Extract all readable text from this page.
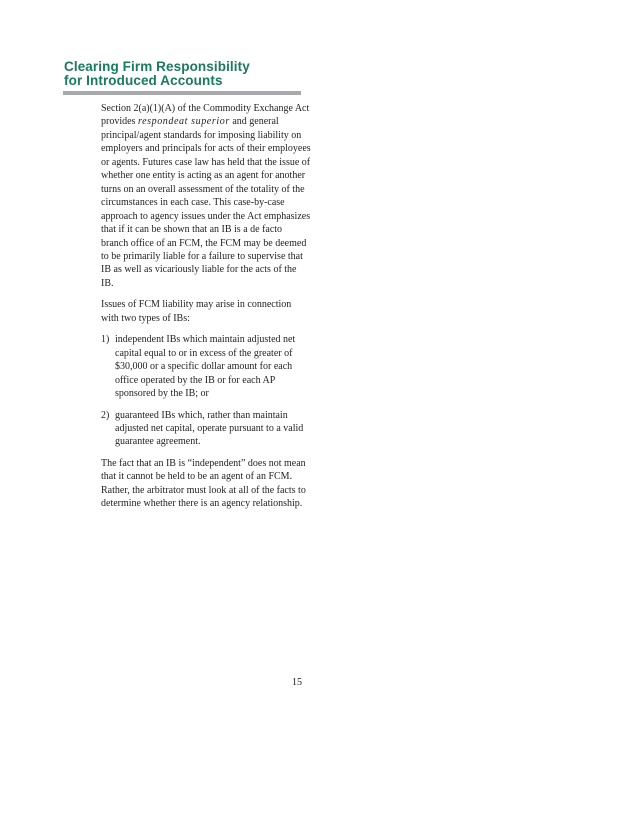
Clearing Firm Responsibility
for Introduced Accounts

Section 2(a)(1)(A) of the Commodity Exchange Act provides respondeat superior and general principal/agent standards for imposing liability on employers and principals for acts of their employees or agents. Futures case law has held that the issue of whether one entity is acting as an agent for another turns on an overall assessment of the totality of the circumstances in each case. This case-by-case approach to agency issues under the Act emphasizes that if it can be shown that an IB is a de facto branch office of an FCM, the FCM may be deemed to be primarily liable for a failure to supervise that IB as well as vicariously liable for the acts of the IB.

Issues of FCM liability may arise in connection with two types of IBs:

1) independent IBs which maintain adjusted net capital equal to or in excess of the greater of $30,000 or a specific dollar amount for each office operated by the IB or for each AP sponsored by the IB; or
2) guaranteed IBs which, rather than maintain adjusted net capital, operate pursuant to a valid guarantee agreement.

The fact that an IB is “independent” does not mean that it cannot be held to be an agent of an FCM. Rather, the arbitrator must look at all of the facts to determine whether there is an agency relationship.

15
